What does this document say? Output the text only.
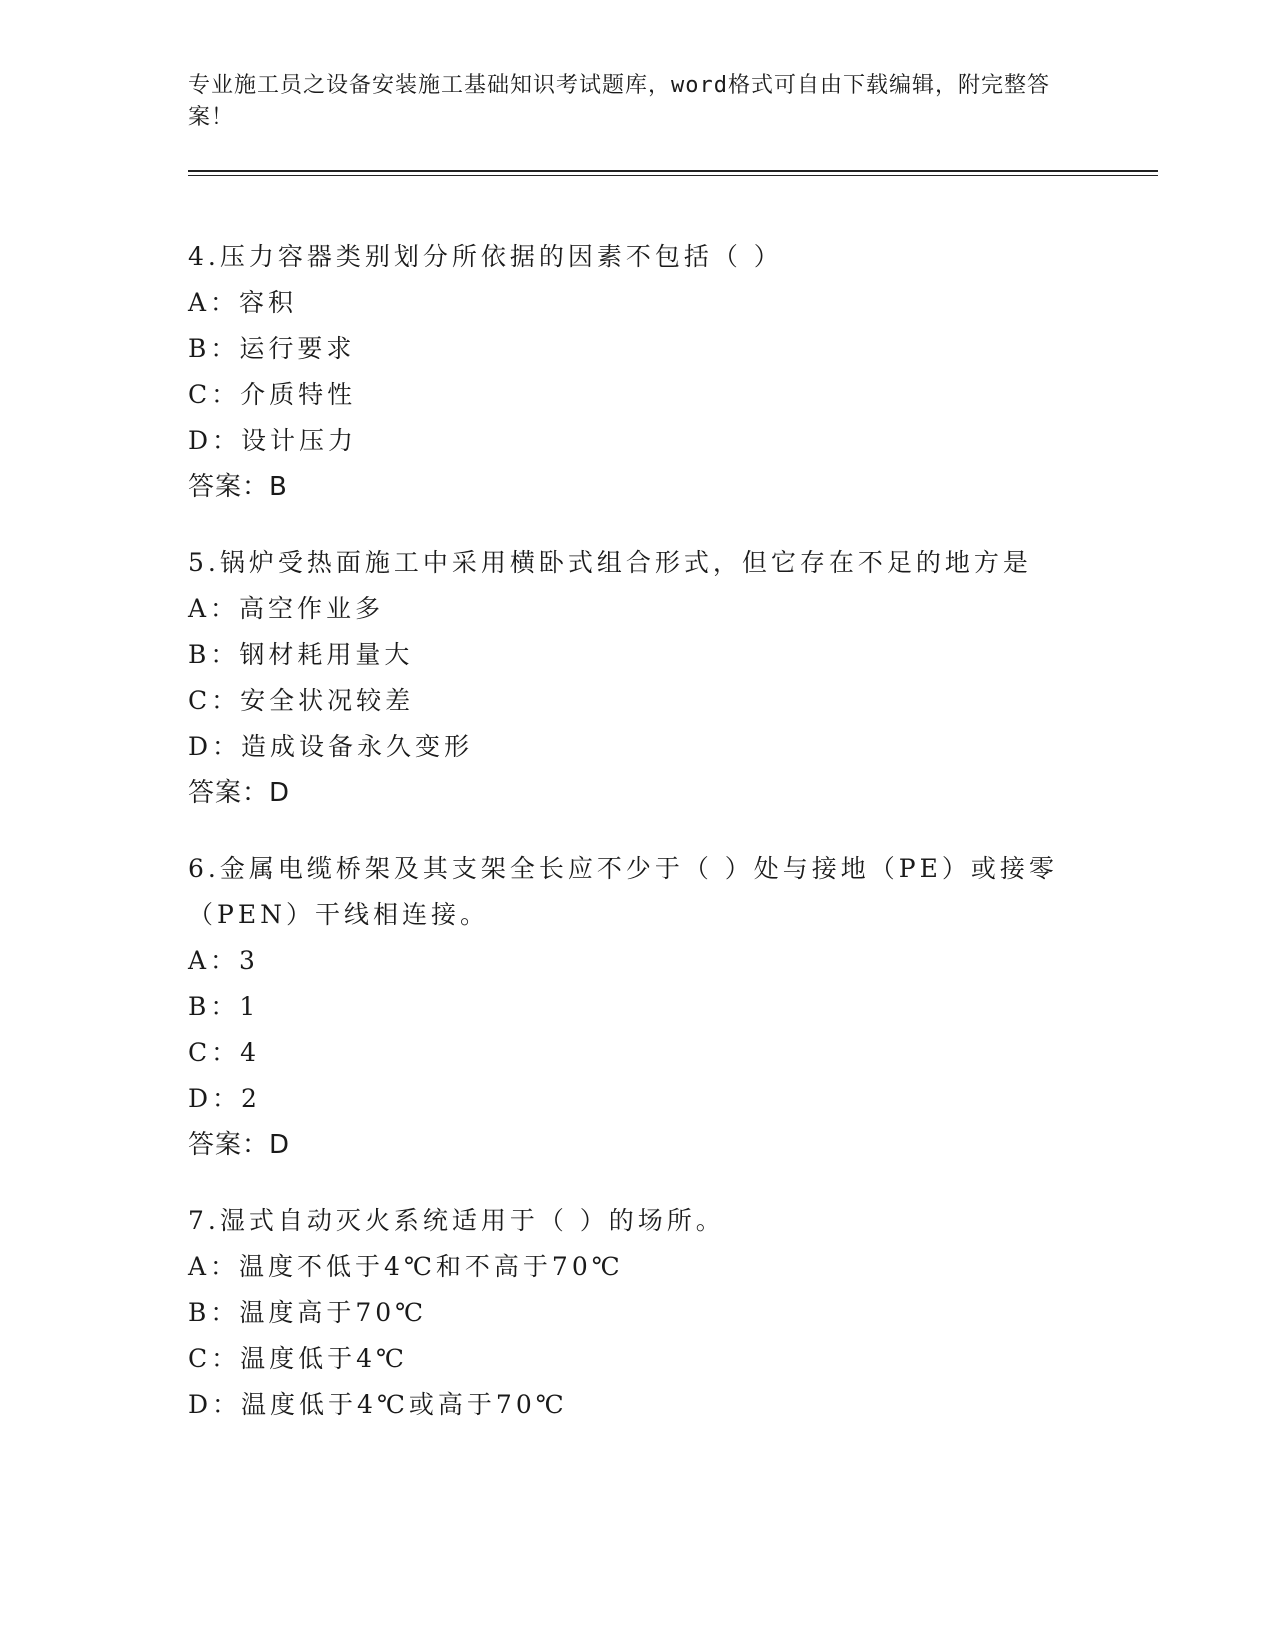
专业施工员之设备安装施工基础知识考试题库，word格式可自由下载编辑，附完整答案！
4.压力容器类别划分所依据的因素不包括（ ）
A：容积
B：运行要求
C：介质特性
D：设计压力
答案：B
5.锅炉受热面施工中采用横卧式组合形式，但它存在不足的地方是
A：高空作业多
B：钢材耗用量大
C：安全状况较差
D：造成设备永久变形
答案：D
6.金属电缆桥架及其支架全长应不少于（ ）处与接地（PE）或接零（PEN）干线相连接。
A：3
B：1
C：4
D：2
答案：D
7.湿式自动灭火系统适用于（ ）的场所。
A：温度不低于4℃和不高于70℃
B：温度高于70℃
C：温度低于4℃
D：温度低于4℃或高于70℃
